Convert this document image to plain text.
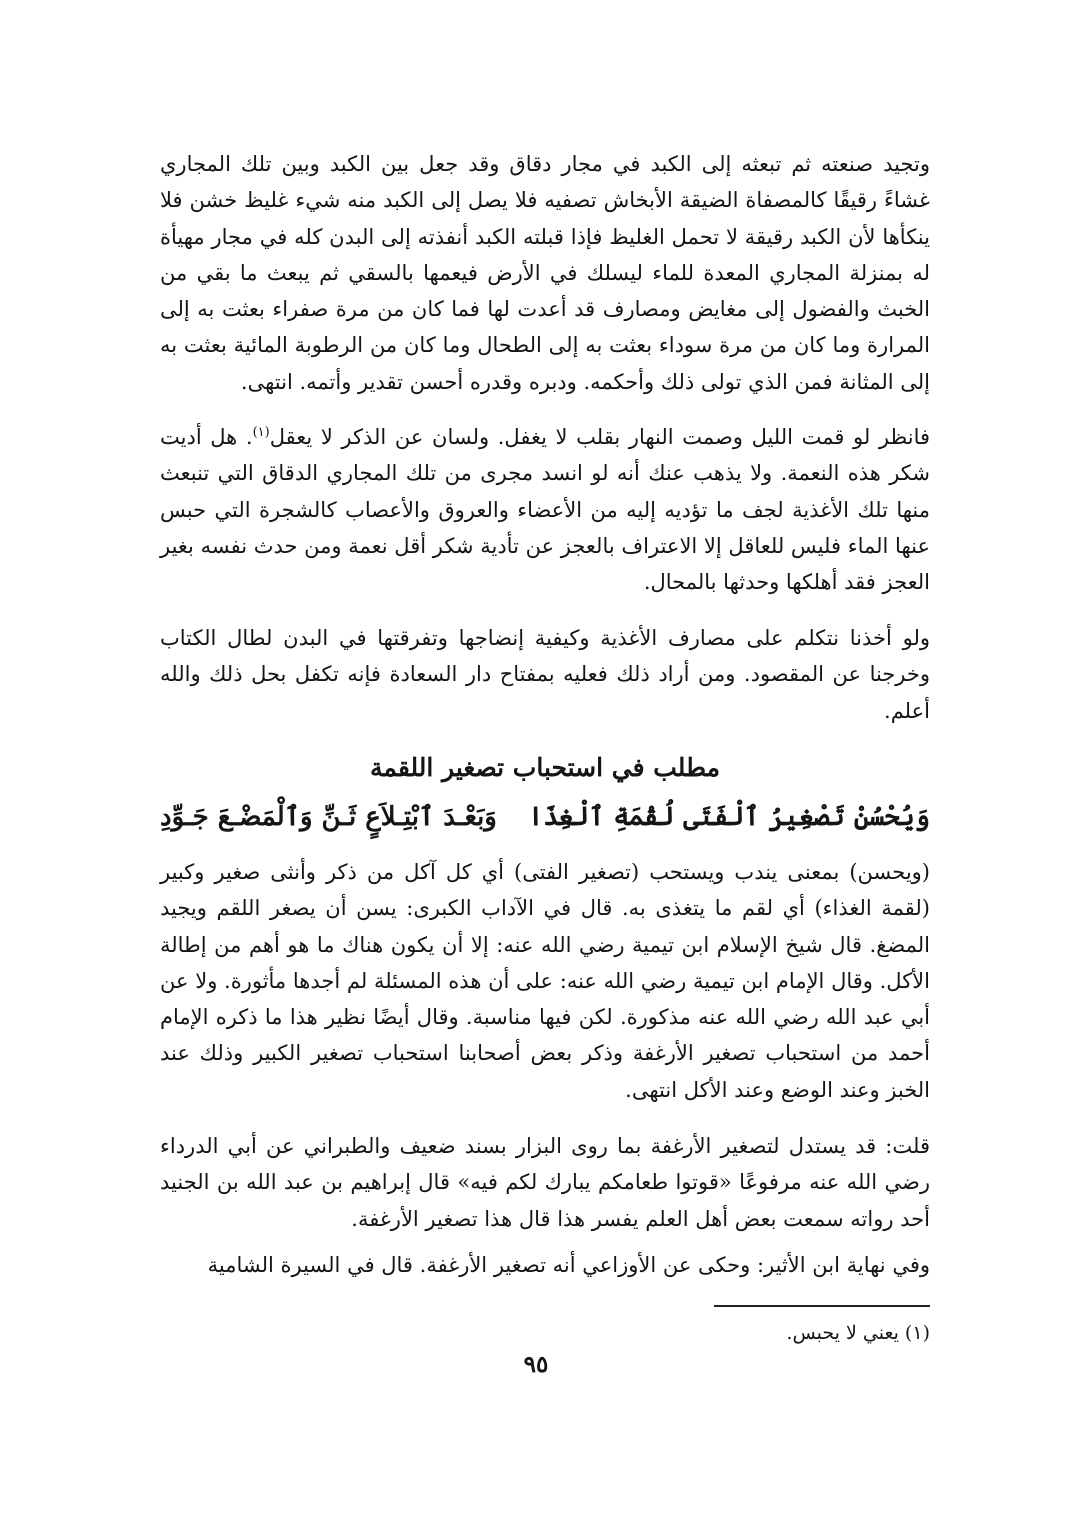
وتجيد صنعته ثم تبعثه إلى الكبد في مجار دقاق وقد جعل بين الكبد وبين تلك المجاري غشاءً رقيقًا كالمصفاة الضيقة الأبخاش تصفيه فلا يصل إلى الكبد منه شيء غليظ خشن فلا ينكأها لأن الكبد رقيقة لا تحمل الغليظ فإذا قبلته الكبد أنفذته إلى البدن كله في مجار مهيأة له بمنزلة المجاري المعدة للماء ليسلك في الأرض فيعمها بالسقي ثم يبعث ما بقي من الخبث والفضول إلى مغايض ومصارف قد أعدت لها فما كان من مرة صفراء بعثت به إلى المرارة وما كان من مرة سوداء بعثت به إلى الطحال وما كان من الرطوبة المائية بعثت به إلى المثانة فمن الذي تولى ذلك وأحكمه. ودبره وقدره أحسن تقدير وأتمه. انتهى.

فانظر لو قمت الليل وصمت النهار بقلب لا يغفل. ولسان عن الذكر لا يعقل$^{(١)}$. هل أديت شكر هذه النعمة. ولا يذهب عنك أنه لو انسد مجرى من تلك المجاري الدقاق التي تنبعث منها تلك الأغذية لجف ما تؤديه إليه من الأعضاء والعروق والأعصاب كالشجرة التي حبس عنها الماء فليس للعاقل إلا الاعتراف بالعجز عن تأدية شكر أقل نعمة ومن حدث نفسه بغير العجز فقد أهلكها وحدثها بالمحال.

ولو أخذنا نتكلم على مصارف الأغذية وكيفية إنضاجها وتفرقتها في البدن لطال الكتاب وخرجنا عن المقصود. ومن أراد ذلك فعليه بمفتاح دار السعادة فإنه تكفل بحل ذلك والله أعلم.

مطلب في استحباب تصغير اللقمة
وَيُحْسُنْ تَصْغِيرُ ٱلْفَتَى لُقْمَةِ ٱلْغِذَا
وَبَعْـدَ ٱبْتِـلاَعٍ ثَـنِّ وَٱلْمَضْـعَ جَـوِّدِ

(ويحسن) بمعنى يندب ويستحب (تصغير الفتى) أي كل آكل من ذكر وأنثى صغير وكبير (لقمة الغذاء) أي لقم ما يتغذى به. قال في الآداب الكبرى: يسن أن يصغر اللقم ويجيد المضغ. قال شيخ الإسلام ابن تيمية رضي الله عنه: إلا أن يكون هناك ما هو أهم من إطالة الأكل. وقال الإمام ابن تيمية رضي الله عنه: على أن هذه المسئلة لم أجدها مأثورة. ولا عن أبي عبد الله رضي الله عنه مذكورة. لكن فيها مناسبة. وقال أيضًا نظير هذا ما ذكره الإمام أحمد من استحباب تصغير الأرغفة وذكر بعض أصحابنا استحباب تصغير الكبير وذلك عند الخبز وعند الوضع وعند الأكل انتهى.

قلت: قد يستدل لتصغير الأرغفة بما روى البزار بسند ضعيف والطبراني عن أبي الدرداء رضي الله عنه مرفوعًا «قوتوا طعامكم يبارك لكم فيه» قال إبراهيم بن عبد الله بن الجنيد أحد رواته سمعت بعض أهل العلم يفسر هذا قال هذا تصغير الأرغفة.

وفي نهاية ابن الأثير: وحكى عن الأوزاعي أنه تصغير الأرغفة. قال في السيرة الشامية

(١) يعني لا يحبس.

٩٥
